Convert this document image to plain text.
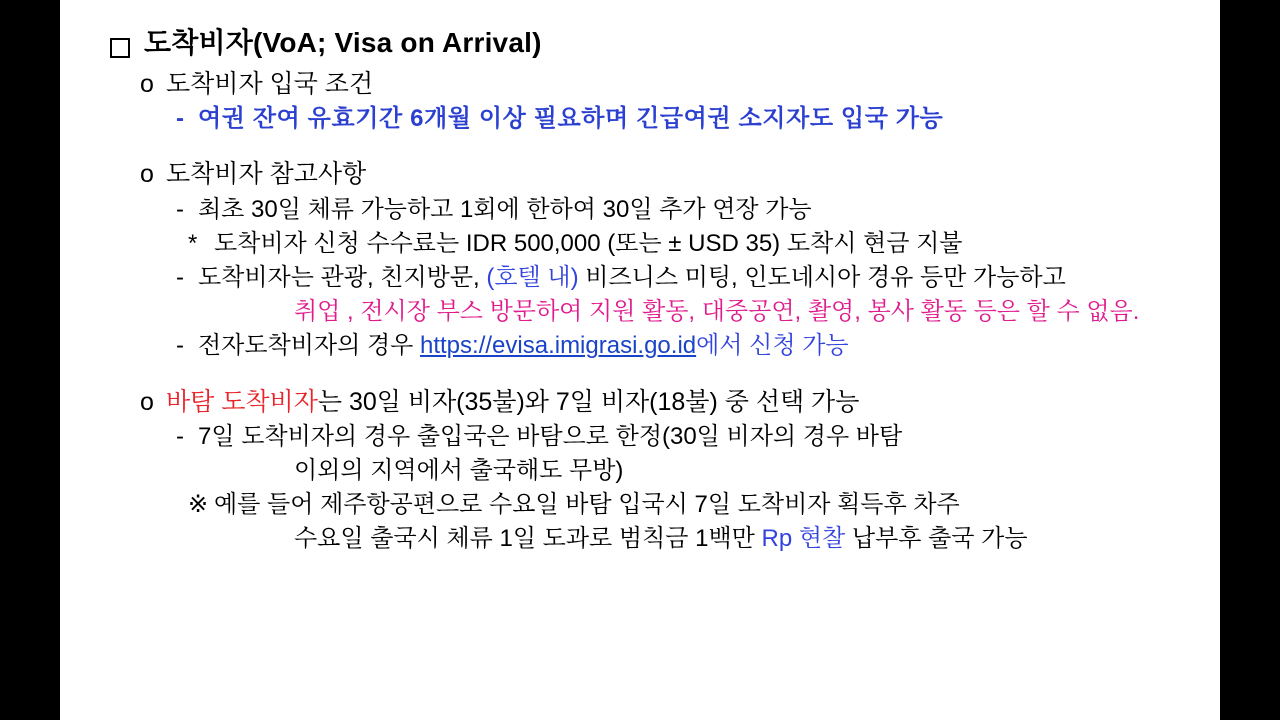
도착비자(VoA; Visa on Arrival)
o 도착비자 입국 조건
- 여권 잔여 유효기간 6개월 이상 필요하며 긴급여권 소지자도 입국 가능
o 도착비자 참고사항
- 최초 30일 체류 가능하고 1회에 한하여 30일 추가 연장 가능
* 도착비자 신청 수수료는 IDR 500,000 (또는 ± USD 35) 도착시 현금 지불
- 도착비자는 관광, 친지방문, (호텔 내) 비즈니스 미팅, 인도네시아 경유 등만 가능하고
취업 , 전시장 부스 방문하여 지원 활동, 대중공연, 촬영, 봉사 활동 등은 할 수 없음.
- 전자도착비자의 경우 https://evisa.imigrasi.go.id에서 신청 가능
o 바탐 도착비자는 30일 비자(35불)와 7일 비자(18불) 중 선택 가능
- 7일 도착비자의 경우 출입국은 바탐으로 한정(30일 비자의 경우 바탐
이외의 지역에서 출국해도 무방)
※ 예를 들어 제주항공편으로 수요일 바탐 입국시 7일 도착비자 획득후 차주
수요일 출국시 체류 1일 도과로 범칙금 1백만 Rp 현찰 납부후 출국 가능
